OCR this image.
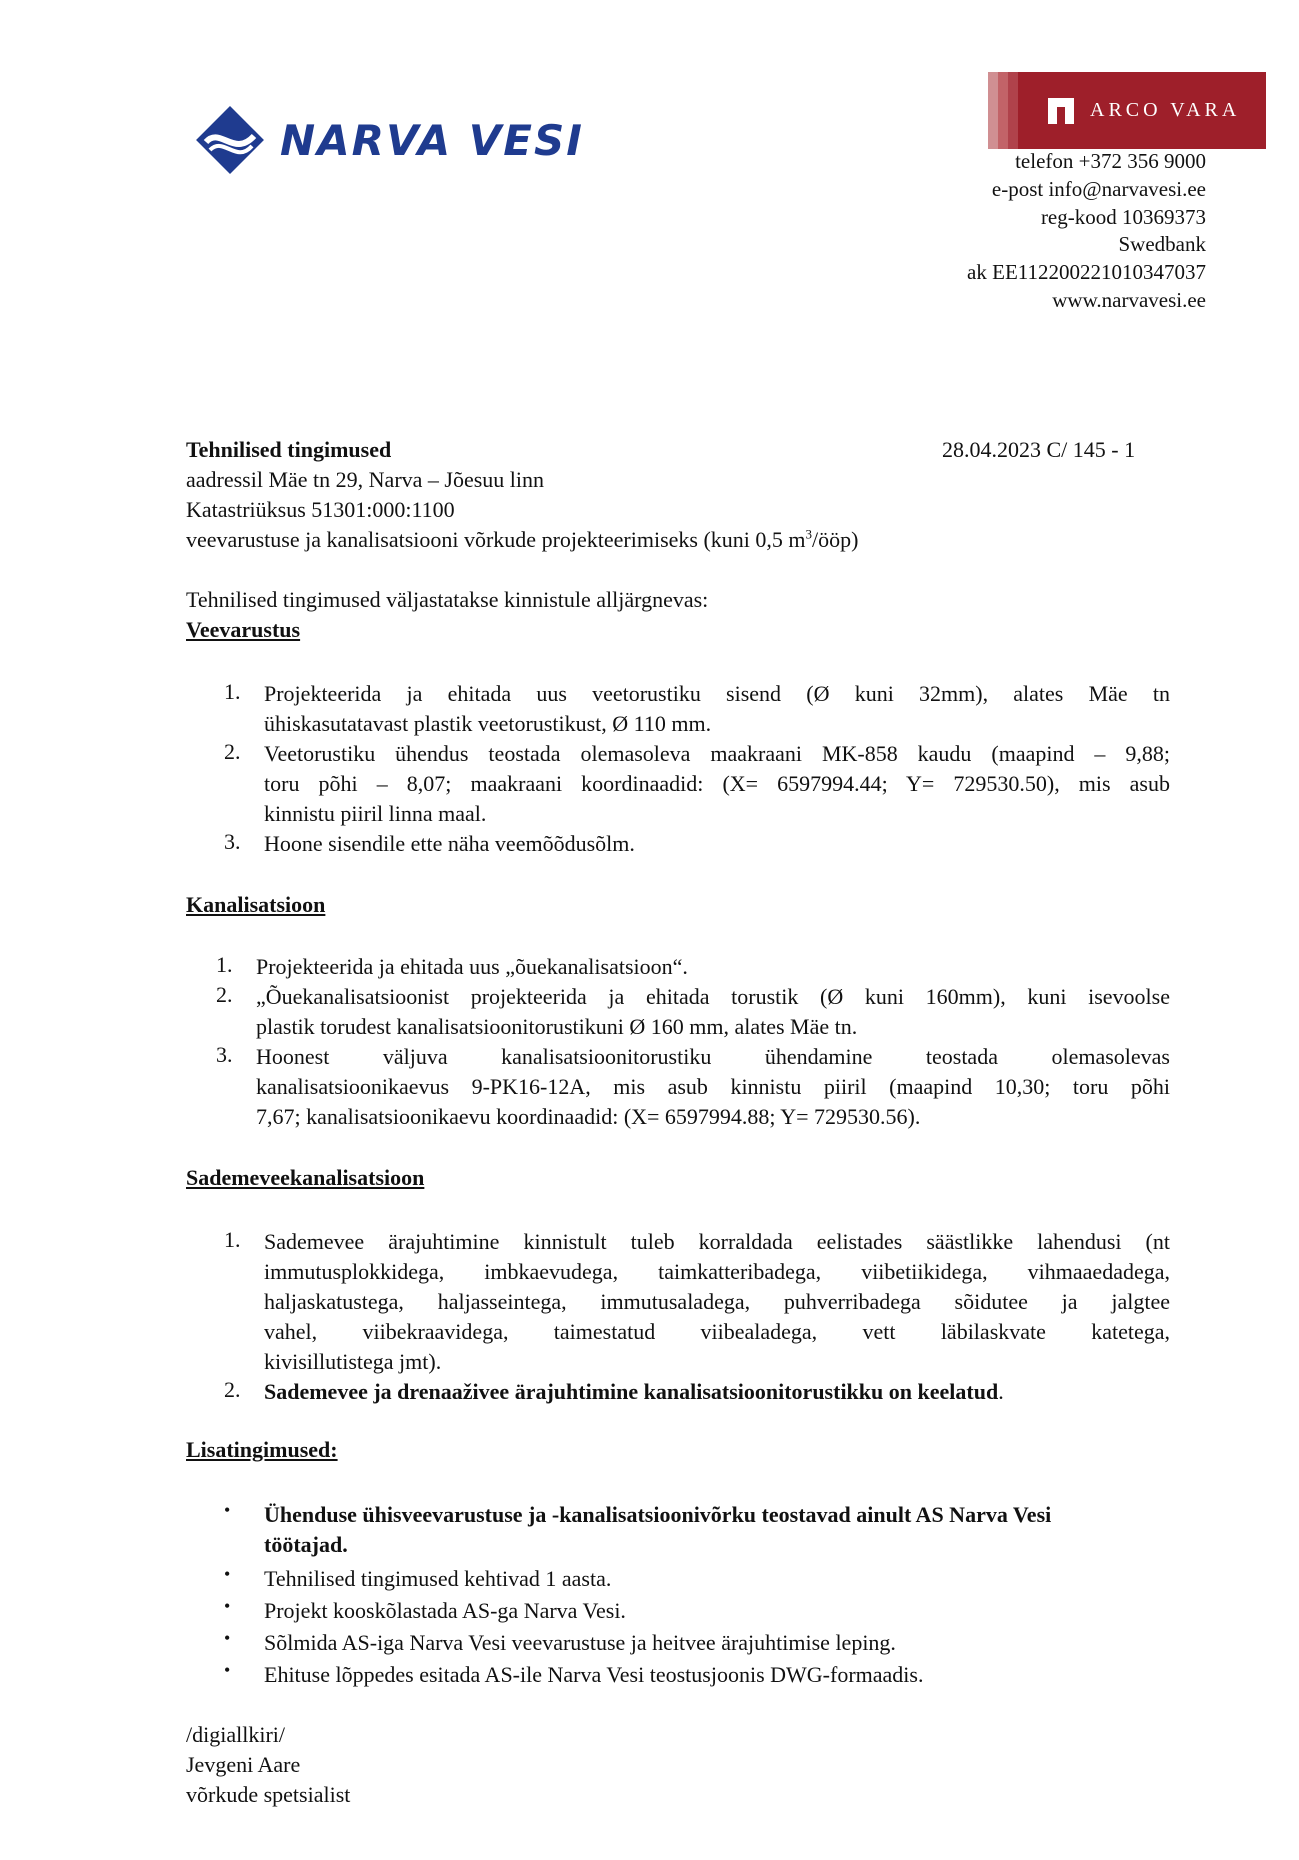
NARVA VESI
ARCO VARA
telefon +372 356 9000
e-post info@narvavesi.ee
reg-kood 10369373
Swedbank
ak EE112200221010347037
www.narvavesi.ee
Tehnilised tingimused	28.04.2023 C/ 145 - 1
aadressil Mäe tn 29, Narva – Jõesuu linn
Katastriüksus 51301:000:1100
veevarustuse ja kanalisatsiooni võrkude projekteerimiseks (kuni 0,5 $m^3/ööp$)
Tehnilised tingimused väljastatakse kinnistule alljärgnevas:
Veevarustus
1. Projekteerida ja ehitada uus veetorustiku sisend (Ø kuni 32mm), alates Mäe tn
ühiskasutatavast plastik veetorustikust, Ø 110 mm.
2. Veetorustiku ühendus teostada olemasoleva maakraani MK-858 kaudu (maapind – 9,88;
toru põhi – 8,07; maakraani koordinaadid: (X= 6597994.44; Y= 729530.50), mis asub
kinnistu piiril linna maal.
3. Hoone sisendile ette näha veemõõdusõlm.
Kanalisatsioon
1. Projekteerida ja ehitada uus „õuekanalisatsioon“.
2. „Õuekanalisatsioonist projekteerida ja ehitada torustik (Ø kuni 160mm), kuni isevoolse
plastik torudest kanalisatsioonitorustikuni Ø 160 mm, alates Mäe tn.
3. Hoonest väljuva kanalisatsioonitorustiku ühendamine teostada olemasolevas
kanalisatsioonikaevus 9-PK16-12A, mis asub kinnistu piiril (maapind 10,30; toru põhi
7,67; kanalisatsioonikaevu koordinaadid: (X= 6597994.88; Y= 729530.56).
Sademeveekanalisatsioon
1. Sademevee ärajuhtimine kinnistult tuleb korraldada eelistades säästlikke lahendusi (nt
immutusplokkidega, imbkaevudega, taimkatteribadega, viibetiikidega, vihmaaedadega,
haljaskatustega, haljasseintega, immutusaladega, puhverribadega sõidutee ja jalgtee
vahel, viibekraavidega, taimestatud viibealadega, vett läbilaskvate katetega,
kivisillutistega jmt).
2. Sademevee ja drenaaživee ärajuhtimine kanalisatsioonitorustikku on keelatud.
Lisatingimused:
• Ühenduse ühisveevarustuse ja -kanalisatsioonivõrku teostavad ainult AS Narva Vesi
töötajad.
• Tehnilised tingimused kehtivad 1 aasta.
• Projekt kooskõlastada AS-ga Narva Vesi.
• Sõlmida AS-iga Narva Vesi veevarustuse ja heitvee ärajuhtimise leping.
• Ehituse lõppedes esitada AS-ile Narva Vesi teostusjoonis DWG-formaadis.
/digiallkiri/
Jevgeni Aare
võrkude spetsialist
